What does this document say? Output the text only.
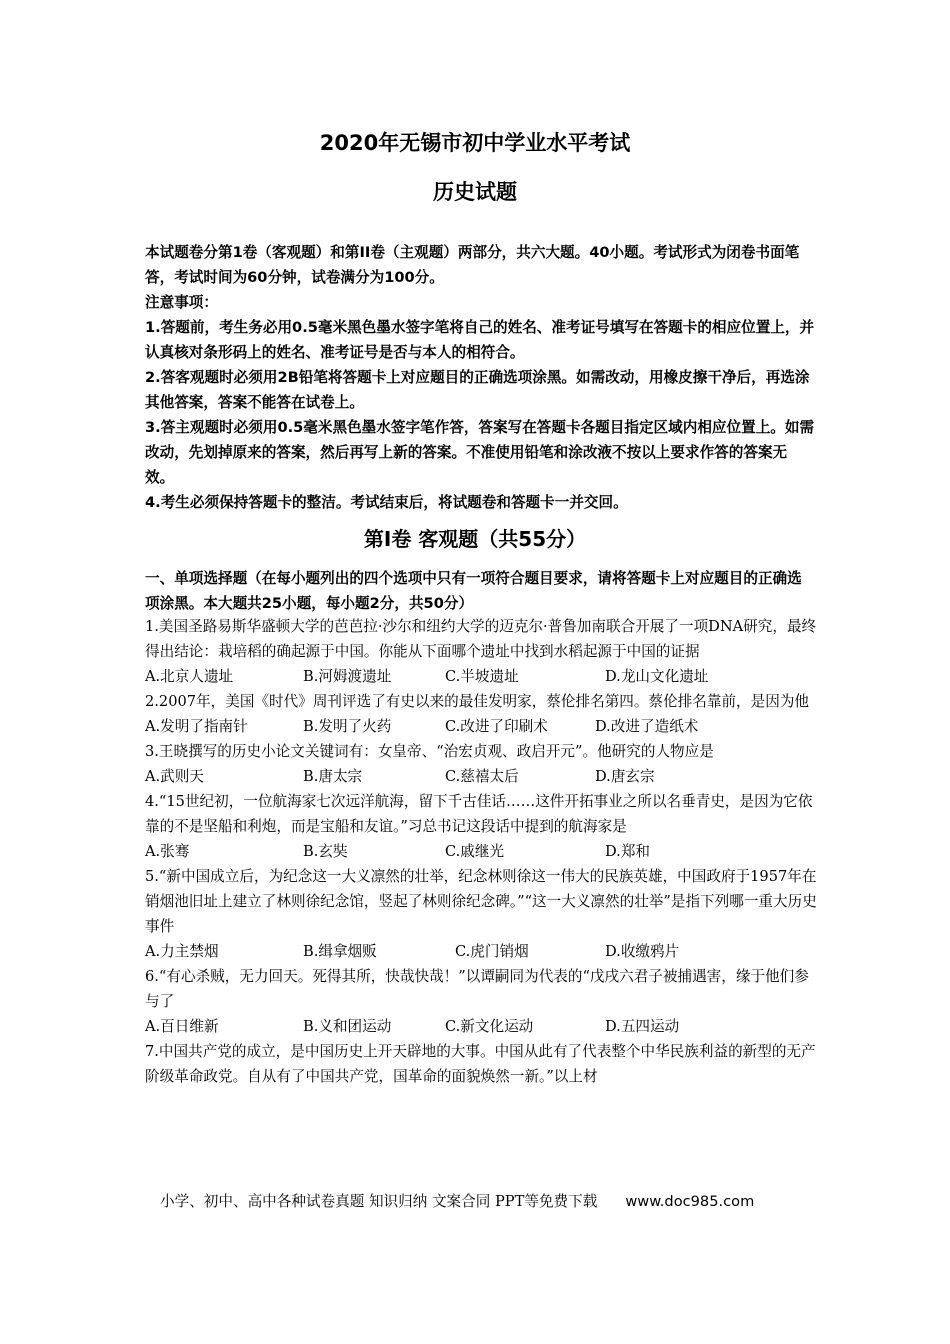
2020年无锡市初中学业水平考试
历史试题

本试题卷分第1卷（客观题）和第II卷（主观题）两部分，共六大题。40小题。考试形式为闭卷书面笔答，考试时间为60分钟，试卷满分为100分。

注意事项：

1.答题前，考生务必用0.5毫米黑色墨水签字笔将自己的姓名、准考证号填写在答题卡的相应位置上，并认真核对条形码上的姓名、准考证号是否与本人的相符合。

2.答客观题时必须用2B铅笔将答题卡上对应题目的正确选项涂黑。如需改动，用橡皮擦干净后，再选涂其他答案，答案不能答在试卷上。

3.答主观题时必须用0.5毫米黑色墨水签字笔作答，答案写在答题卡各题目指定区域内相应位置上。如需改动，先划掉原来的答案，然后再写上新的答案。不准使用铅笔和涂改液不按以上要求作答的答案无效。

4.考生必须保持答题卡的整洁。考试结束后，将试题卷和答题卡一并交回。

第Ⅰ卷 客观题（共55分）

一、单项选择题（在每小题列出的四个选项中只有一项符合题目要求，请将答题卡上对应题目的正确选项涂黑。本大题共25小题，每小题2分，共50分）

1.美国圣路易斯华盛顿大学的芭芭拉·沙尔和纽约大学的迈克尔·普鲁加南联合开展了一项DNA研究，最终得出结论：栽培稻的确起源于中国。你能从下面哪个遗址中找到水稻起源于中国的证据

A.北京人遗址	B.河姆渡遗址	C.半坡遗址	D.龙山文化遗址

2.2007年，美国《时代》周刊评选了有史以来的最佳发明家，蔡伦排名第四。蔡伦排名靠前，是因为他

A.发明了指南针	B.发明了火药	C.改进了印刷术	D.改进了造纸术

3.王晓撰写的历史小论文关键词有：女皇帝、“治宏贞观、政启开元”。他研究的人物应是

A.武则天	B.唐太宗	C.慈禧太后	D.唐玄宗

4.“15世纪初，一位航海家七次远洋航海，留下千古佳话……这件开拓事业之所以名垂青史，是因为它依靠的不是坚船和利炮，而是宝船和友谊。”习总书记这段话中提到的航海家是

A.张骞	B.玄奘	C.戚继光	D.郑和

5.“新中国成立后，为纪念这一大义凛然的壮举，纪念林则徐这一伟大的民族英雄，中国政府于1957年在销烟池旧址上建立了林则徐纪念馆，竖起了林则徐纪念碑。”“这一大义凛然的壮举”是指下列哪一重大历史事件

A.力主禁烟	B.缉拿烟贩	C.虎门销烟	D.收缴鸦片

6.“有心杀贼，无力回天。死得其所，快哉快哉！”以谭嗣同为代表的“戊戌六君子被捕遇害，缘于他们参与了

A.百日维新	B.义和团运动	C.新文化运动	D.五四运动

7.中国共产党的成立，是中国历史上开天辟地的大事。中国从此有了代表整个中华民族利益的新型的无产阶级革命政党。自从有了中国共产党，国革命的面貌焕然一新。”以上材

小学、初中、高中各种试卷真题 知识归纳 文案合同 PPT等免费下载 www.doc985.com
